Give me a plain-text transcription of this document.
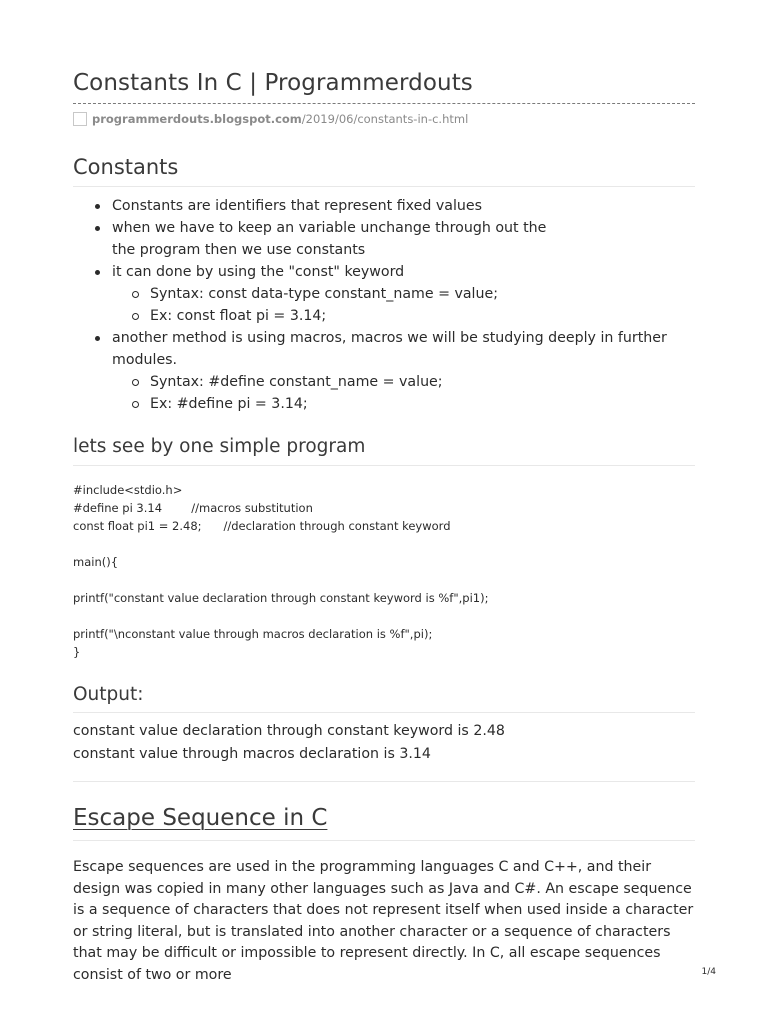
Constants In C | Programmerdouts
programmerdouts.blogspot.com /2019/06/constants-in-c.html
Constants
Constants are identifiers that represent fixed values
when we have to keep an variable unchange through out the
the program then we use constants
it can done by using the "const" keyword
Syntax: const data-type constant_name = value;
Ex: const float pi = 3.14;
another method is using macros, macros we will be studying deeply in further modules.
Syntax: #define constant_name = value;
Ex: #define pi = 3.14;
lets see by one simple program
#include<stdio.h>
#define pi 3.14        //macros substitution
const float pi1 = 2.48;      //declaration through constant keyword

main(){

printf("constant value declaration through constant keyword is %f",pi1);

printf("\nconstant value through macros declaration is %f",pi);
}
Output:
constant value declaration through constant keyword is 2.48
constant value through macros declaration is 3.14
Escape Sequence in C

Escape sequences are used in the programming languages C and C++, and their design was copied in many other languages such as Java and C#. An escape sequence is a sequence of characters that does not represent itself when used inside a character or string literal, but is translated into another character or a sequence of characters that may be difficult or impossible to represent directly. In C, all escape sequences consist of two or more	1/4
